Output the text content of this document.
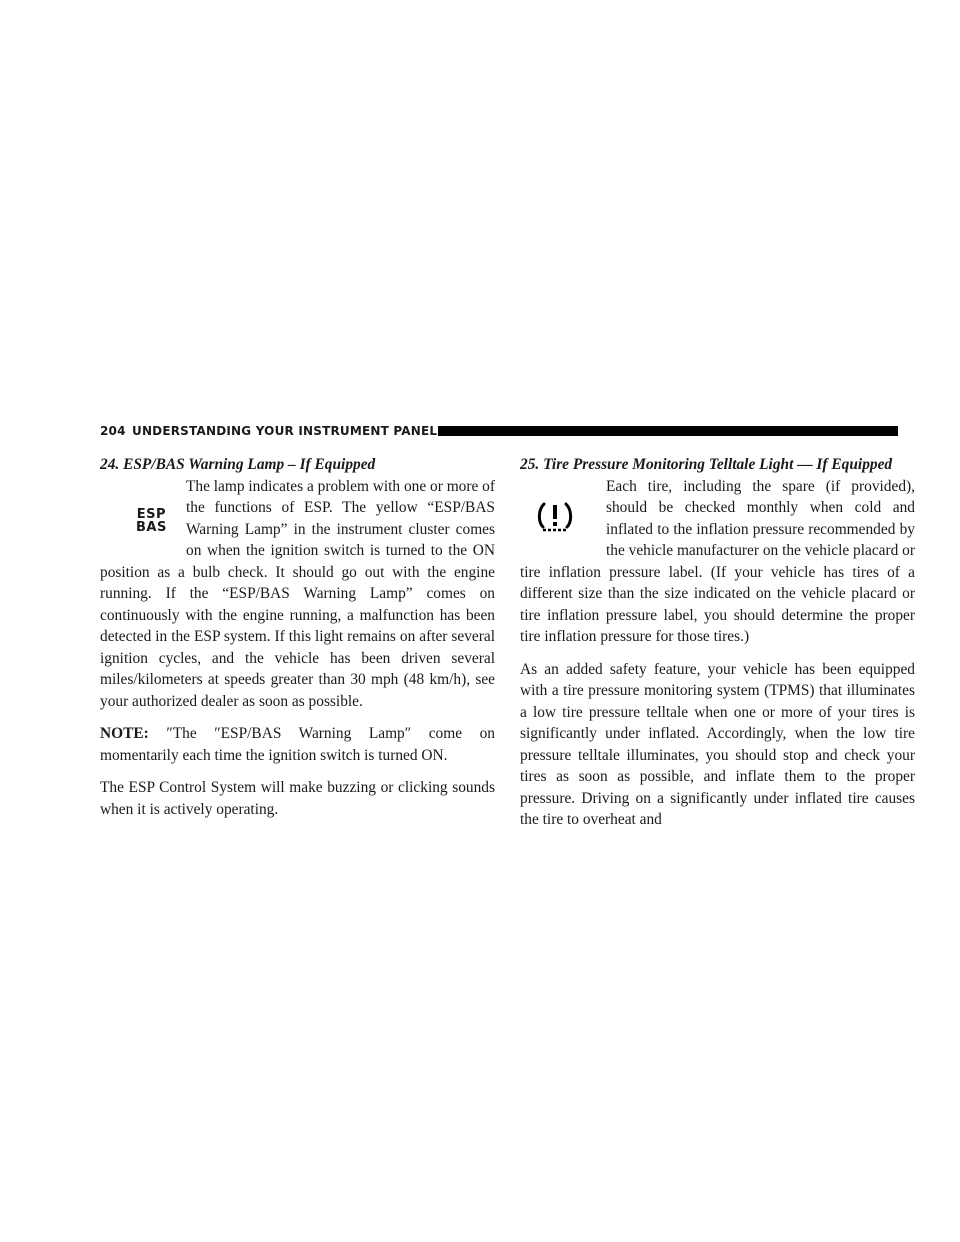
204 UNDERSTANDING YOUR INSTRUMENT PANEL
24. ESP/BAS Warning Lamp – If Equipped
ESP
BAS

The lamp indicates a problem with one or more of the functions of ESP. The yellow “ESP/BAS Warning Lamp” in the instrument cluster comes on when the ignition switch is turned to the ON position as a bulb check. It should go out with the engine running. If the “ESP/BAS Warning Lamp” comes on continuously with the engine running, a malfunction has been detected in the ESP system. If this light remains on after several ignition cycles, and the vehicle has been driven several miles/kilometers at speeds greater than 30 mph (48 km/h), see your authorized dealer as soon as possible.

NOTE: ″The ″ESP/BAS Warning Lamp″ come on momentarily each time the ignition switch is turned ON.

The ESP Control System will make buzzing or clicking sounds when it is actively operating.

25. Tire Pressure Monitoring Telltale Light — If Equipped

Each tire, including the spare (if provided), should be checked monthly when cold and inflated to the inflation pressure recommended by the vehicle manufacturer on the vehicle placard or tire inflation pressure label. (If your vehicle has tires of a different size than the size indicated on the vehicle placard or tire inflation pressure label, you should determine the proper tire inflation pressure for those tires.)

As an added safety feature, your vehicle has been equipped with a tire pressure monitoring system (TPMS) that illuminates a low tire pressure telltale when one or more of your tires is significantly under inflated. Accordingly, when the low tire pressure telltale illuminates, you should stop and check your tires as soon as possible, and inflate them to the proper pressure. Driving on a significantly under inflated tire causes the tire to overheat and
